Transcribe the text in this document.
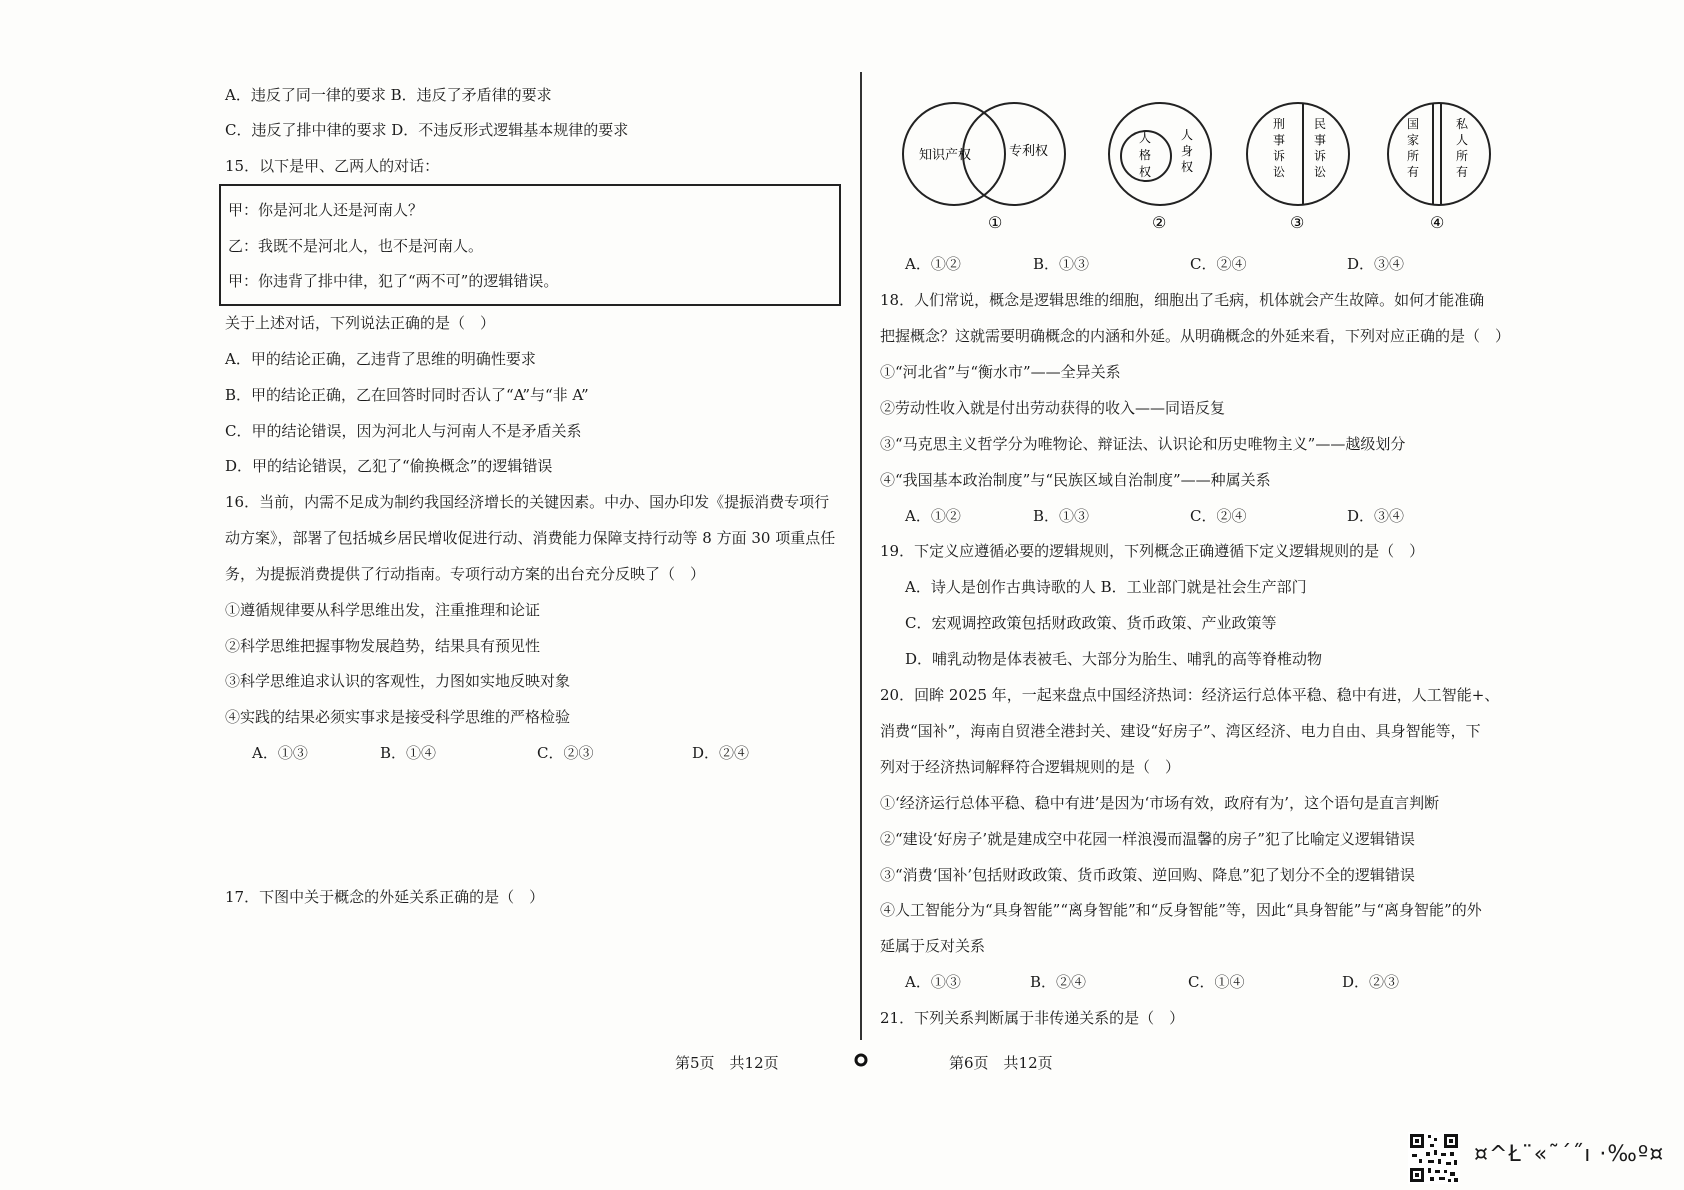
A．违反了同一律的要求 B．违反了矛盾律的要求
C．违反了排中律的要求 D．不违反形式逻辑基本规律的要求
15．以下是甲、乙两人的对话：
甲：你是河北人还是河南人？
乙：我既不是河北人，也不是河南人。
甲：你违背了排中律，犯了“两不可”的逻辑错误。
关于上述对话，下列说法正确的是（　）
A．甲的结论正确，乙违背了思维的明确性要求
B．甲的结论正确，乙在回答时同时否认了“A”与“非 A”
C．甲的结论错误，因为河北人与河南人不是矛盾关系
D．甲的结论错误，乙犯了“偷换概念”的逻辑错误
16．当前，内需不足成为制约我国经济增长的关键因素。中办、国办印发《提振消费专项行
动方案》，部署了包括城乡居民增收促进行动、消费能力保障支持行动等 8 方面 30 项重点任
务，为提振消费提供了行动指南。专项行动方案的出台充分反映了（　）
①遵循规律要从科学思维出发，注重推理和论证
②科学思维把握事物发展趋势，结果具有预见性
③科学思维追求认识的客观性，力图如实地反映对象
④实践的结果必须实事求是接受科学思维的严格检验
A．①③	B．①④	C．②③	D．②④
17．下图中关于概念的外延关系正确的是（　）
知识产权	专利权
①
人
格
权
人
身
权
②
刑
事
诉
讼
民
事
诉
讼
③
国
家
所
有
私
人
所
有
④
A．①②	B．①③	C．②④	D．③④
18．人们常说，概念是逻辑思维的细胞，细胞出了毛病，机体就会产生故障。如何才能准确
把握概念？这就需要明确概念的内涵和外延。从明确概念的外延来看，下列对应正确的是（　）
①“河北省”与“衡水市”——全异关系
②劳动性收入就是付出劳动获得的收入——同语反复
③“马克思主义哲学分为唯物论、辩证法、认识论和历史唯物主义”——越级划分
④“我国基本政治制度”与“民族区域自治制度”——种属关系
A．①②	B．①③	C．②④	D．③④
19．下定义应遵循必要的逻辑规则，下列概念正确遵循下定义逻辑规则的是（　）
A．诗人是创作古典诗歌的人 B．工业部门就是社会生产部门
C．宏观调控政策包括财政政策、货币政策、产业政策等
D．哺乳动物是体表被毛、大部分为胎生、哺乳的高等脊椎动物
20．回眸 2025 年，一起来盘点中国经济热词：经济运行总体平稳、稳中有进，人工智能+、
消费“国补”，海南自贸港全港封关、建设“好房子”、湾区经济、电力自由、具身智能等，下
列对于经济热词解释符合逻辑规则的是（　）
①‘经济运行总体平稳、稳中有进’是因为‘市场有效，政府有为’，这个语句是直言判断
②“建设‘好房子’就是建成空中花园一样浪漫而温馨的房子”犯了比喻定义逻辑错误
③“消费‘国补’包括财政政策、货币政策、逆回购、降息”犯了划分不全的逻辑错误
④人工智能分为“具身智能”“离身智能”和“反身智能”等，因此“具身智能”与“离身智能”的外
延属于反对关系
A．①③	B．②④	C．①④	D．②③
21．下列关系判断属于非传递关系的是（　）
第5页　共12页	第6页　共12页
¤^Ł¨«˜ˊ˝ı ·‰º¤
